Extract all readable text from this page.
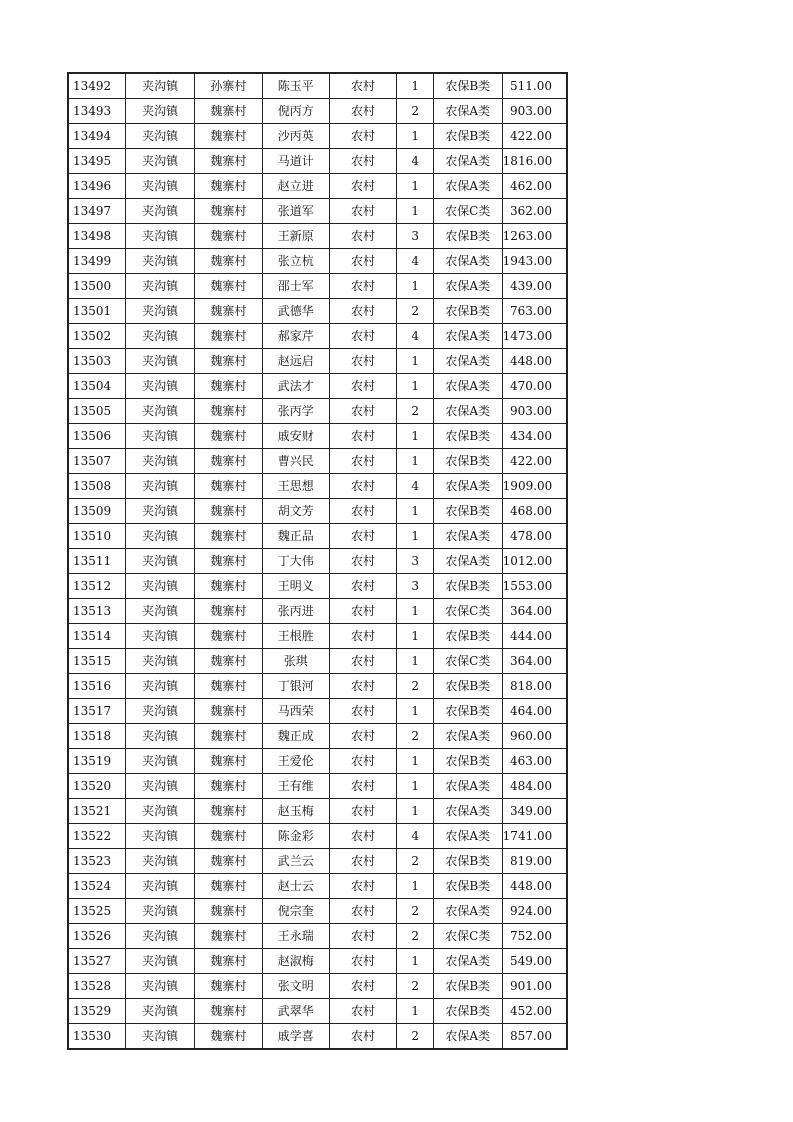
13492	夹沟镇	孙寨村	陈玉平	农村	1	农保B类	511.00
13493	夹沟镇	魏寨村	倪丙方	农村	2	农保A类	903.00
13494	夹沟镇	魏寨村	沙丙英	农村	1	农保B类	422.00
13495	夹沟镇	魏寨村	马道计	农村	4	农保A类	1816.00
13496	夹沟镇	魏寨村	赵立进	农村	1	农保A类	462.00
13497	夹沟镇	魏寨村	张道军	农村	1	农保C类	362.00
13498	夹沟镇	魏寨村	王新原	农村	3	农保B类	1263.00
13499	夹沟镇	魏寨村	张立杭	农村	4	农保A类	1943.00
13500	夹沟镇	魏寨村	邵士军	农村	1	农保A类	439.00
13501	夹沟镇	魏寨村	武德华	农村	2	农保B类	763.00
13502	夹沟镇	魏寨村	郝家芹	农村	4	农保A类	1473.00
13503	夹沟镇	魏寨村	赵远启	农村	1	农保A类	448.00
13504	夹沟镇	魏寨村	武法才	农村	1	农保A类	470.00
13505	夹沟镇	魏寨村	张丙学	农村	2	农保A类	903.00
13506	夹沟镇	魏寨村	戚安财	农村	1	农保B类	434.00
13507	夹沟镇	魏寨村	曹兴民	农村	1	农保B类	422.00
13508	夹沟镇	魏寨村	王思想	农村	4	农保A类	1909.00
13509	夹沟镇	魏寨村	胡文芳	农村	1	农保B类	468.00
13510	夹沟镇	魏寨村	魏正品	农村	1	农保A类	478.00
13511	夹沟镇	魏寨村	丁大伟	农村	3	农保A类	1012.00
13512	夹沟镇	魏寨村	王明义	农村	3	农保B类	1553.00
13513	夹沟镇	魏寨村	张丙进	农村	1	农保C类	364.00
13514	夹沟镇	魏寨村	王根胜	农村	1	农保B类	444.00
13515	夹沟镇	魏寨村	张琪	农村	1	农保C类	364.00
13516	夹沟镇	魏寨村	丁银河	农村	2	农保B类	818.00
13517	夹沟镇	魏寨村	马西荣	农村	1	农保B类	464.00
13518	夹沟镇	魏寨村	魏正成	农村	2	农保A类	960.00
13519	夹沟镇	魏寨村	王爱伦	农村	1	农保B类	463.00
13520	夹沟镇	魏寨村	王有维	农村	1	农保A类	484.00
13521	夹沟镇	魏寨村	赵玉梅	农村	1	农保A类	349.00
13522	夹沟镇	魏寨村	陈金彩	农村	4	农保A类	1741.00
13523	夹沟镇	魏寨村	武兰云	农村	2	农保B类	819.00
13524	夹沟镇	魏寨村	赵士云	农村	1	农保B类	448.00
13525	夹沟镇	魏寨村	倪宗奎	农村	2	农保A类	924.00
13526	夹沟镇	魏寨村	王永瑞	农村	2	农保C类	752.00
13527	夹沟镇	魏寨村	赵淑梅	农村	1	农保A类	549.00
13528	夹沟镇	魏寨村	张文明	农村	2	农保B类	901.00
13529	夹沟镇	魏寨村	武翠华	农村	1	农保B类	452.00
13530	夹沟镇	魏寨村	戚学喜	农村	2	农保A类	857.00
